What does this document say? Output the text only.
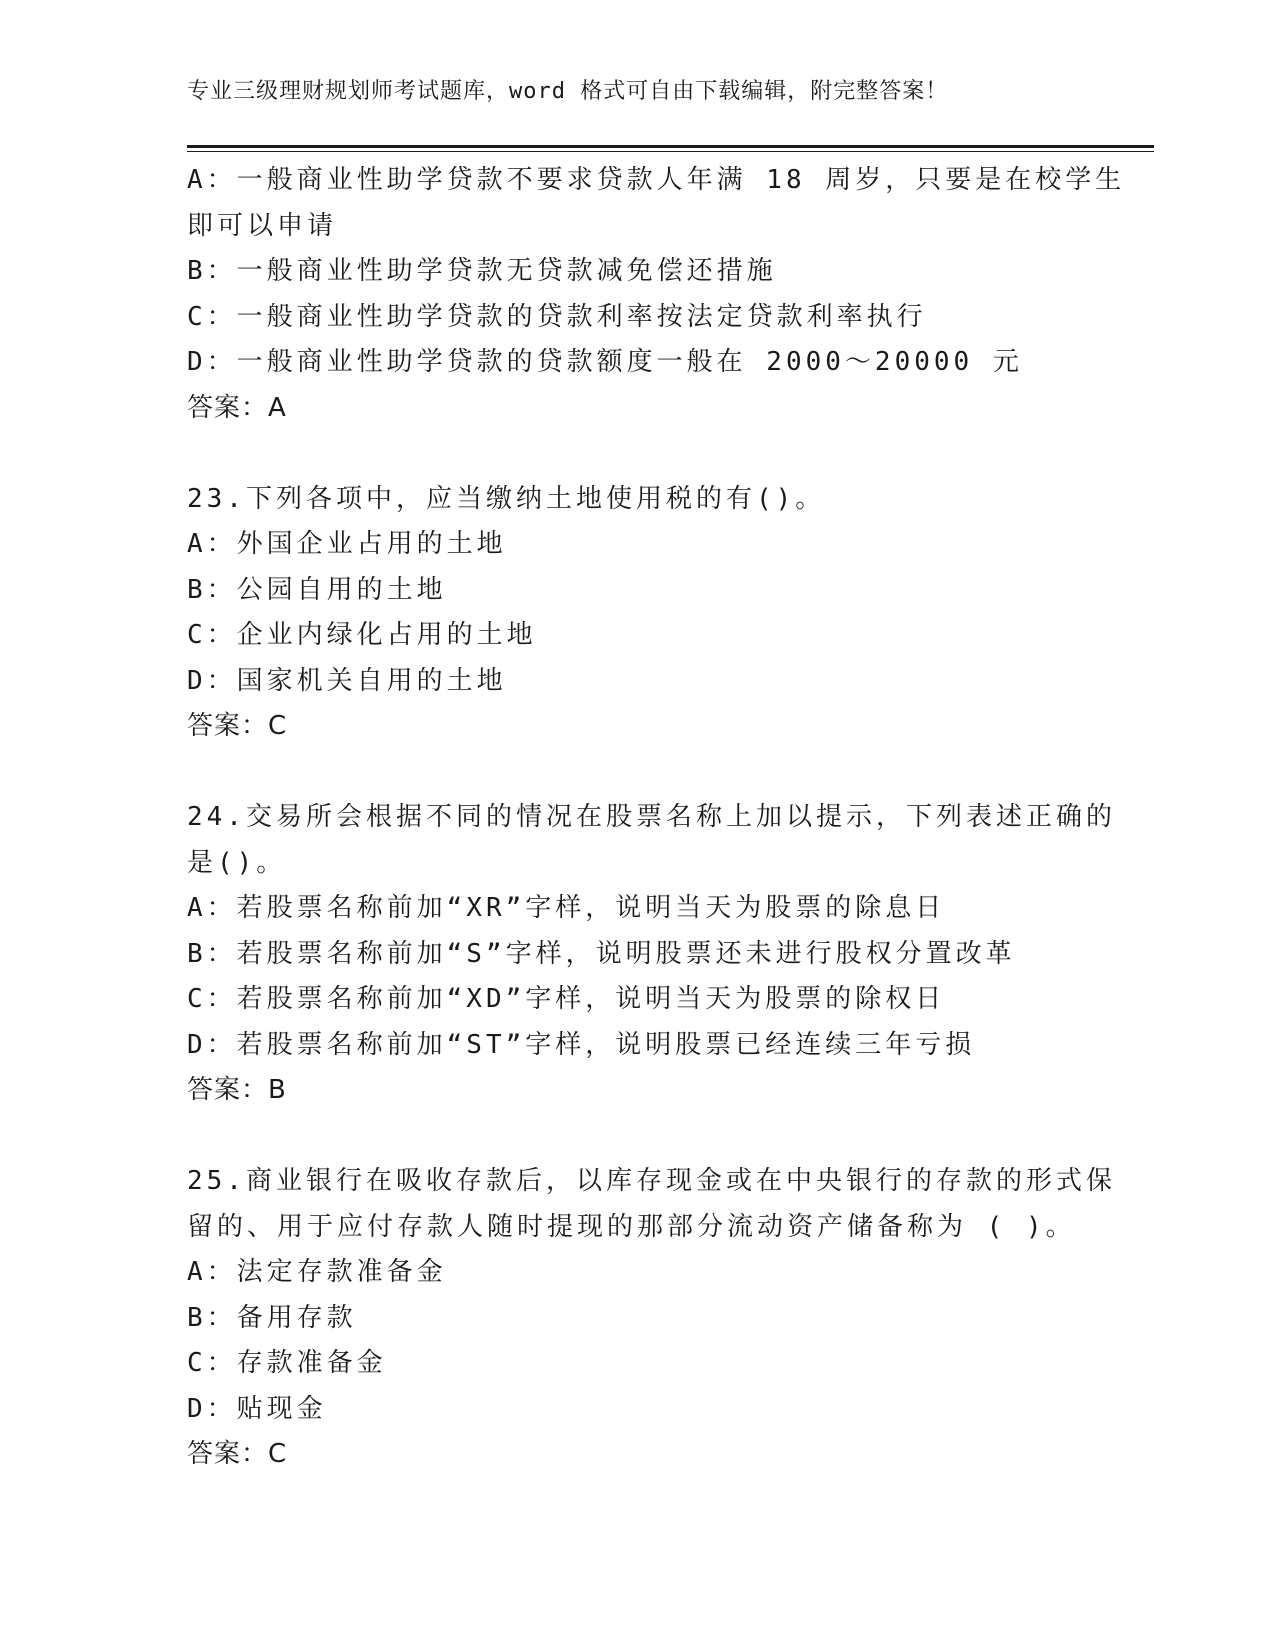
专业三级理财规划师考试题库，word 格式可自由下载编辑，附完整答案！
A：一般商业性助学贷款不要求贷款人年满 18 周岁，只要是在校学生
即可以申请
B：一般商业性助学贷款无贷款减免偿还措施
C：一般商业性助学贷款的贷款利率按法定贷款利率执行
D：一般商业性助学贷款的贷款额度一般在 2000～20000 元
答案：A
23.下列各项中，应当缴纳土地使用税的有()。
A：外国企业占用的土地
B：公园自用的土地
C：企业内绿化占用的土地
D：国家机关自用的土地
答案：C
24.交易所会根据不同的情况在股票名称上加以提示，下列表述正确的
是()。
A：若股票名称前加“XR”字样，说明当天为股票的除息日
B：若股票名称前加“S”字样，说明股票还未进行股权分置改革
C：若股票名称前加“XD”字样，说明当天为股票的除权日
D：若股票名称前加“ST”字样，说明股票已经连续三年亏损
答案：B
25.商业银行在吸收存款后，以库存现金或在中央银行的存款的形式保
留的、用于应付存款人随时提现的那部分流动资产储备称为 ( )。
A：法定存款准备金
B：备用存款
C：存款准备金
D：贴现金
答案：C
